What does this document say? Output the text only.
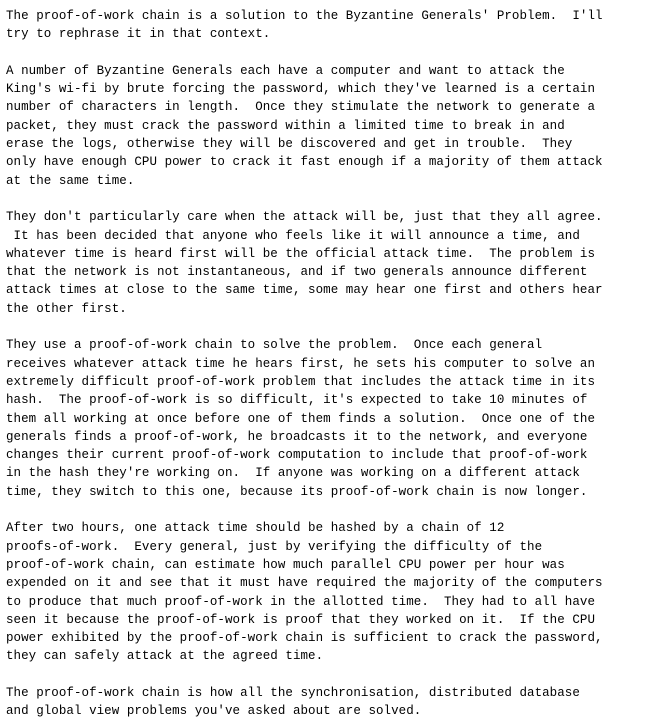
The proof-of-work chain is a solution to the Byzantine Generals' Problem.  I'll
try to rephrase it in that context.
A number of Byzantine Generals each have a computer and want to attack the
King's wi-fi by brute forcing the password, which they've learned is a certain
number of characters in length.  Once they stimulate the network to generate a
packet, they must crack the password within a limited time to break in and
erase the logs, otherwise they will be discovered and get in trouble.  They
only have enough CPU power to crack it fast enough if a majority of them attack
at the same time.
They don't particularly care when the attack will be, just that they all agree.
It has been decided that anyone who feels like it will announce a time, and
whatever time is heard first will be the official attack time.  The problem is
that the network is not instantaneous, and if two generals announce different
attack times at close to the same time, some may hear one first and others hear
the other first.
They use a proof-of-work chain to solve the problem.  Once each general
receives whatever attack time he hears first, he sets his computer to solve an
extremely difficult proof-of-work problem that includes the attack time in its
hash.  The proof-of-work is so difficult, it's expected to take 10 minutes of
them all working at once before one of them finds a solution.  Once one of the
generals finds a proof-of-work, he broadcasts it to the network, and everyone
changes their current proof-of-work computation to include that proof-of-work
in the hash they're working on.  If anyone was working on a different attack
time, they switch to this one, because its proof-of-work chain is now longer.
After two hours, one attack time should be hashed by a chain of 12
proofs-of-work.  Every general, just by verifying the difficulty of the
proof-of-work chain, can estimate how much parallel CPU power per hour was
expended on it and see that it must have required the majority of the computers
to produce that much proof-of-work in the allotted time.  They had to all have
seen it because the proof-of-work is proof that they worked on it.  If the CPU
power exhibited by the proof-of-work chain is sufficient to crack the password,
they can safely attack at the agreed time.
The proof-of-work chain is how all the synchronisation, distributed database
and global view problems you've asked about are solved.
